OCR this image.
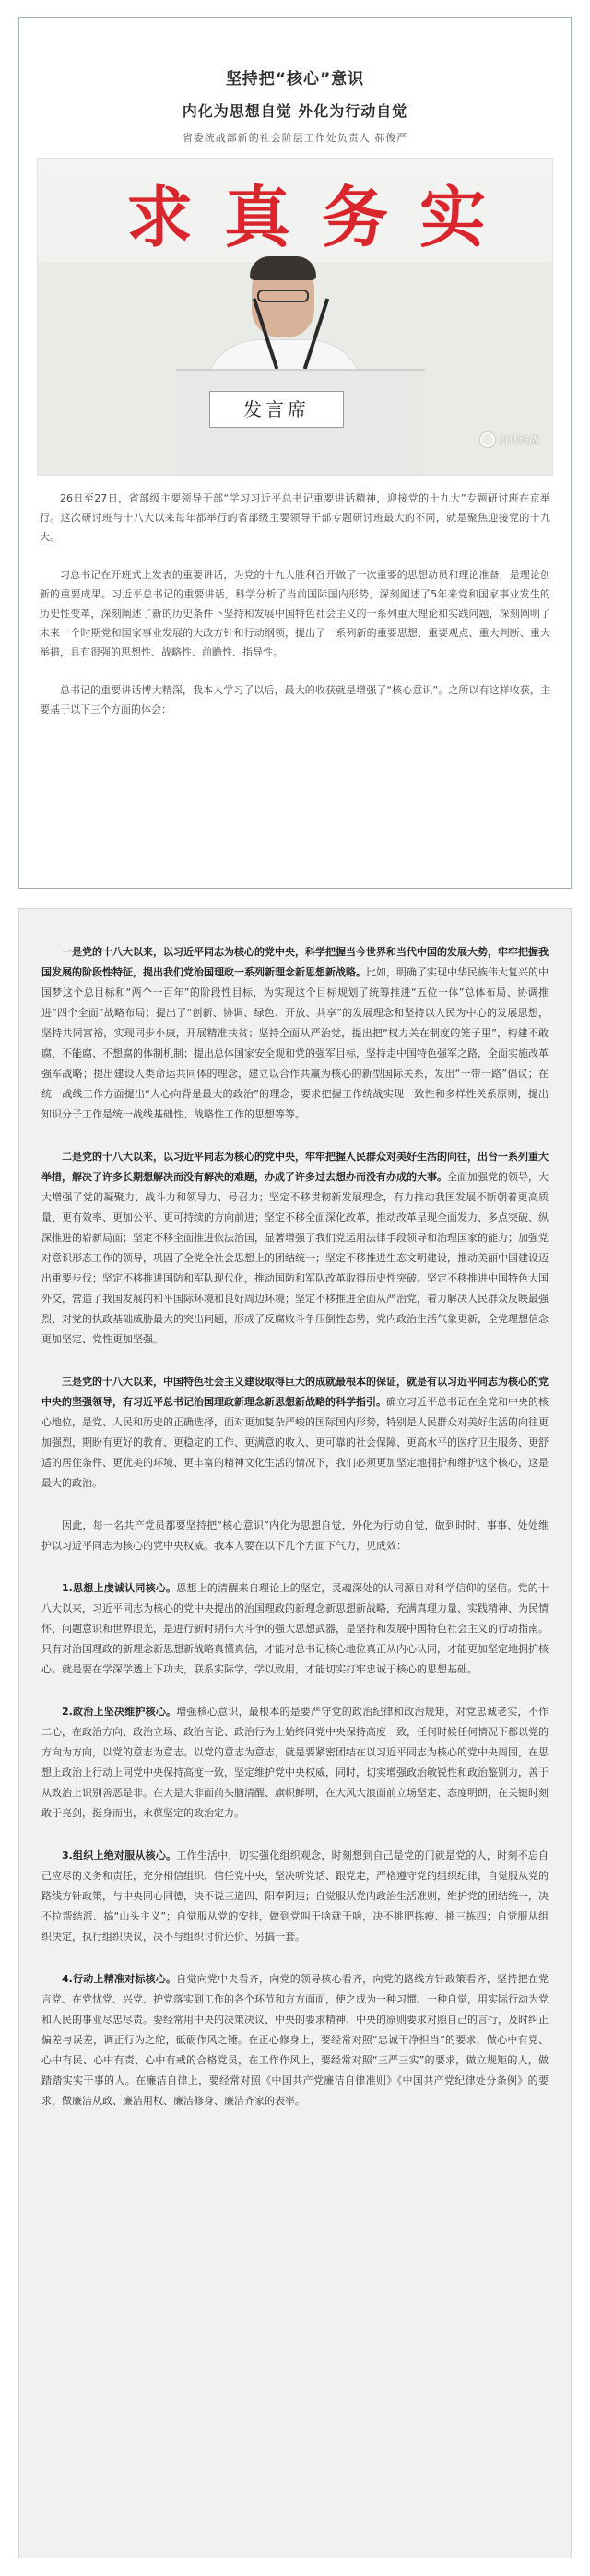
坚持把“核心”意识

内化为思想自觉 外化为行动自觉

省委统战部新的社会阶层工作处负责人 郝俊严

求真务实
发言席
吉林统战

26日至27日，省部级主要领导干部“学习习近平总书记重要讲话精神，迎接党的十九大”专题研讨班在京举行。这次研讨班与十八大以来每年都举行的省部级主要领导干部专题研讨班最大的不同，就是聚焦迎接党的十九大。

习总书记在开班式上发表的重要讲话，为党的十九大胜利召开做了一次重要的思想动员和理论准备，是理论创新的重要成果。习近平总书记的重要讲话，科学分析了当前国际国内形势，深刻阐述了5年来党和国家事业发生的历史性变革，深刻阐述了新的历史条件下坚持和发展中国特色社会主义的一系列重大理论和实践问题，深刻阐明了未来一个时期党和国家事业发展的大政方针和行动纲领，提出了一系列新的重要思想、重要观点、重大判断、重大举措，具有很强的思想性、战略性、前瞻性、指导性。

总书记的重要讲话博大精深，我本人学习了以后，最大的收获就是增强了“核心意识”。之所以有这样收获，主要基于以下三个方面的体会：

一是党的十八大以来，以习近平同志为核心的党中央，科学把握当今世界和当代中国的发展大势，牢牢把握我国发展的阶段性特征，提出我们党治国理政一系列新理念新思想新战略。比如，明确了实现中华民族伟大复兴的中国梦这个总目标和“两个一百年”的阶段性目标，为实现这个目标规划了统筹推进“五位一体”总体布局、协调推进“四个全面”战略布局；提出了“创新、协调、绿色、开放、共享”的发展理念和坚持以人民为中心的发展思想，坚持共同富裕，实现同步小康，开展精准扶贫；坚持全面从严治党，提出把“权力关在制度的笼子里”，构建不敢腐、不能腐、不想腐的体制机制；提出总体国家安全观和党的强军目标，坚持走中国特色强军之路，全面实施改革强军战略；提出建设人类命运共同体的理念，建立以合作共赢为核心的新型国际关系，发出“一带一路”倡议；在统一战线工作方面提出“人心向背是最大的政治”的理念，要求把握工作统战实现一致性和多样性关系原则，提出知识分子工作是统一战线基础性、战略性工作的思想等等。

二是党的十八大以来，以习近平同志为核心的党中央，牢牢把握人民群众对美好生活的向往，出台一系列重大举措，解决了许多长期想解决而没有解决的难题，办成了许多过去想办而没有办成的大事。全面加强党的领导，大大增强了党的凝聚力、战斗力和领导力、号召力；坚定不移贯彻新发展理念，有力推动我国发展不断朝着更高质量、更有效率、更加公平、更可持续的方向前进；坚定不移全面深化改革，推动改革呈现全面发力、多点突破、纵深推进的崭新局面；坚定不移全面推进依法治国，显著增强了我们党运用法律手段领导和治理国家的能力；加强党对意识形态工作的领导，巩固了全党全社会思想上的团结统一；坚定不移推进生态文明建设，推动美丽中国建设迈出重要步伐；坚定不移推进国防和军队现代化，推动国防和军队改革取得历史性突破。坚定不移推进中国特色大国外交，营造了我国发展的和平国际环境和良好周边环境；坚定不移推进全面从严治党，着力解决人民群众反映最强烈、对党的执政基础威胁最大的突出问题，形成了反腐败斗争压倒性态势，党内政治生活气象更新，全党理想信念更加坚定、党性更加坚强。

三是党的十八大以来，中国特色社会主义建设取得巨大的成就最根本的保证，就是有以习近平同志为核心的党中央的坚强领导，有习近平总书记治国理政新理念新思想新战略的科学指引。确立习近平总书记在全党和中央的核心地位，是党、人民和历史的正确选择，面对更加复杂严峻的国际国内形势，特别是人民群众对美好生活的向往更加强烈，期盼有更好的教育、更稳定的工作、更满意的收入、更可靠的社会保障、更高水平的医疗卫生服务、更舒适的居住条件、更优美的环境、更丰富的精神文化生活的情况下，我们必须更加坚定地拥护和维护这个核心，这是最大的政治。

因此，每一名共产党员都要坚持把“核心意识”内化为思想自觉，外化为行动自觉，做到时时、事事、处处维护以习近平同志为核心的党中央权威。我本人要在以下几个方面下气力，见成效：

1.思想上虔诚认同核心。思想上的清醒来自理论上的坚定，灵魂深处的认同源自对科学信仰的坚信。党的十八大以来，习近平同志为核心的党中央提出的治国理政的新理念新思想新战略，充满真理力量、实践精神、为民情怀、问题意识和世界眼光，是进行新时期伟大斗争的强大思想武器，是坚持和发展中国特色社会主义的行动指南。只有对治国理政的新理念新思想新战略真懂真信，才能对总书记核心地位真正从内心认同，才能更加坚定地拥护核心。就是要在学深学透上下功夫，联系实际学，学以致用，才能切实打牢忠诚于核心的思想基础。

2.政治上坚决维护核心。增强核心意识，最根本的是要严守党的政治纪律和政治规矩，对党忠诚老实，不作二心，在政治方向、政治立场、政治言论、政治行为上始终同党中央保持高度一致，任何时候任何情况下都以党的方向为方向，以党的意志为意志。以党的意志为意志，就是要紧密团结在以习近平同志为核心的党中央周围，在思想上政治上行动上同党中央保持高度一致，坚定维护党中央权威，同时，切实增强政治敏锐性和政治鉴别力，善于从政治上识别善恶是非。在大是大非面前头脑清醒、旗帜鲜明，在大风大浪面前立场坚定、态度明朗，在关键时刻敢于亮剑，挺身而出，永葆坚定的政治定力。

3.组织上绝对服从核心。工作生活中，切实强化组织观念，时刻想到自己是党的门就是党的人，时刻不忘自己应尽的义务和责任，充分相信组织、信任党中央，坚决听党话、跟党走，严格遵守党的组织纪律，自觉服从党的路线方针政策，与中央同心同德，决不说三道四、阳奉阴违；自觉服从党内政治生活准则，维护党的团结统一，决不拉帮结派、搞“山头主义”；自觉服从党的安排，做到党叫干啥就干啥，决不挑肥拣瘦、挑三拣四；自觉服从组织决定，执行组织决议，决不与组织讨价还价、另搞一套。

4.行动上精准对标核心。自觉向党中央看齐，向党的领导核心看齐，向党的路线方针政策看齐，坚持把在党言党、在党忧党、兴党、护党落实到工作的各个环节和方方面面，使之成为一种习惯、一种自觉，用实际行动为党和人民的事业尽忠尽责。要经常用中央的决策决议、中央的要求精神、中央的原则要求对照自己的言行，及时纠正偏差与误差，调正行为之舵，砥砺作风之锤。在正心修身上，要经常对照“忠诚干净担当”的要求，做心中有党、心中有民、心中有责、心中有戒的合格党员，在工作作风上，要经常对照“三严三实”的要求，做立规矩的人，做踏踏实实干事的人。在廉洁自律上，要经常对照《中国共产党廉洁自律准则》《中国共产党纪律处分条例》的要求，做廉洁从政、廉洁用权、廉洁修身、廉洁齐家的表率。
